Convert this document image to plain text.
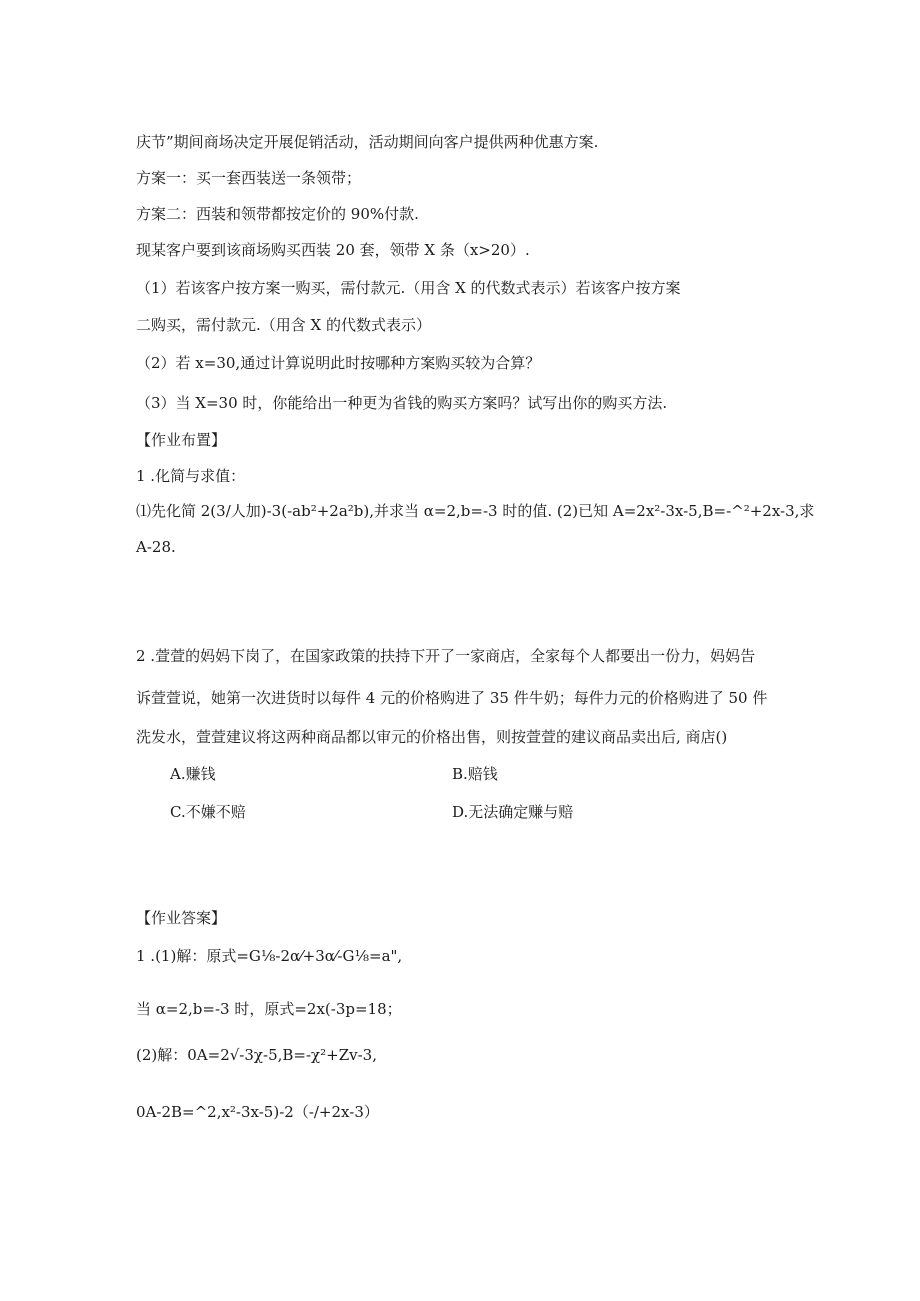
庆节”期间商场决定开展促销活动，活动期间向客户提供两种优惠方案.
方案一：买一套西装送一条领带；
方案二：西装和领带都按定价的 90%付款.
现某客户要到该商场购买西装 20 套，领带 X 条（x>20）.
（1）若该客户按方案一购买，需付款元.（用含 X 的代数式表示）若该客户按方案
二购买，需付款元.（用含 X 的代数式表示）
（2）若 x=30,通过计算说明此时按哪种方案购买较为合算？
（3）当 X=30 时，你能给出一种更为省钱的购买方案吗？试写出你的购买方法.
【作业布置】
1 .化简与求值：
⑴先化简 2(3/人加)-3(-ab²+2a²b),并求当 α=2,b=-3 时的值. (2)已知 A=2x²-3x-5,B=-^²+2x-3,求
A-28.
2 .萱萱的妈妈下岗了，在国家政策的扶持下开了一家商店，全家每个人都要出一份力，妈妈告
诉萱萱说，她第一次进货时以每件 4 元的价格购进了 35 件牛奶；每件力元的价格购进了 50 件
洗发水，萱萱建议将这两种商品都以审元的价格出售，则按萱萱的建议商品卖出后, 商店()
A.赚钱	B.赔钱
C.不嫌不赔	D.无法确定赚与赔
【作业答案】
1 .(1)解：原式=G⅛-2α⁄+3α⁄-G⅛=a",
当 α=2,b=-3 时，原式=2x(-3p=18；
(2)解：0A=2√-3χ-5,B=-χ²+Zv-3,
0A-2B=^2,x²-3x-5)-2（-/+2x-3）
